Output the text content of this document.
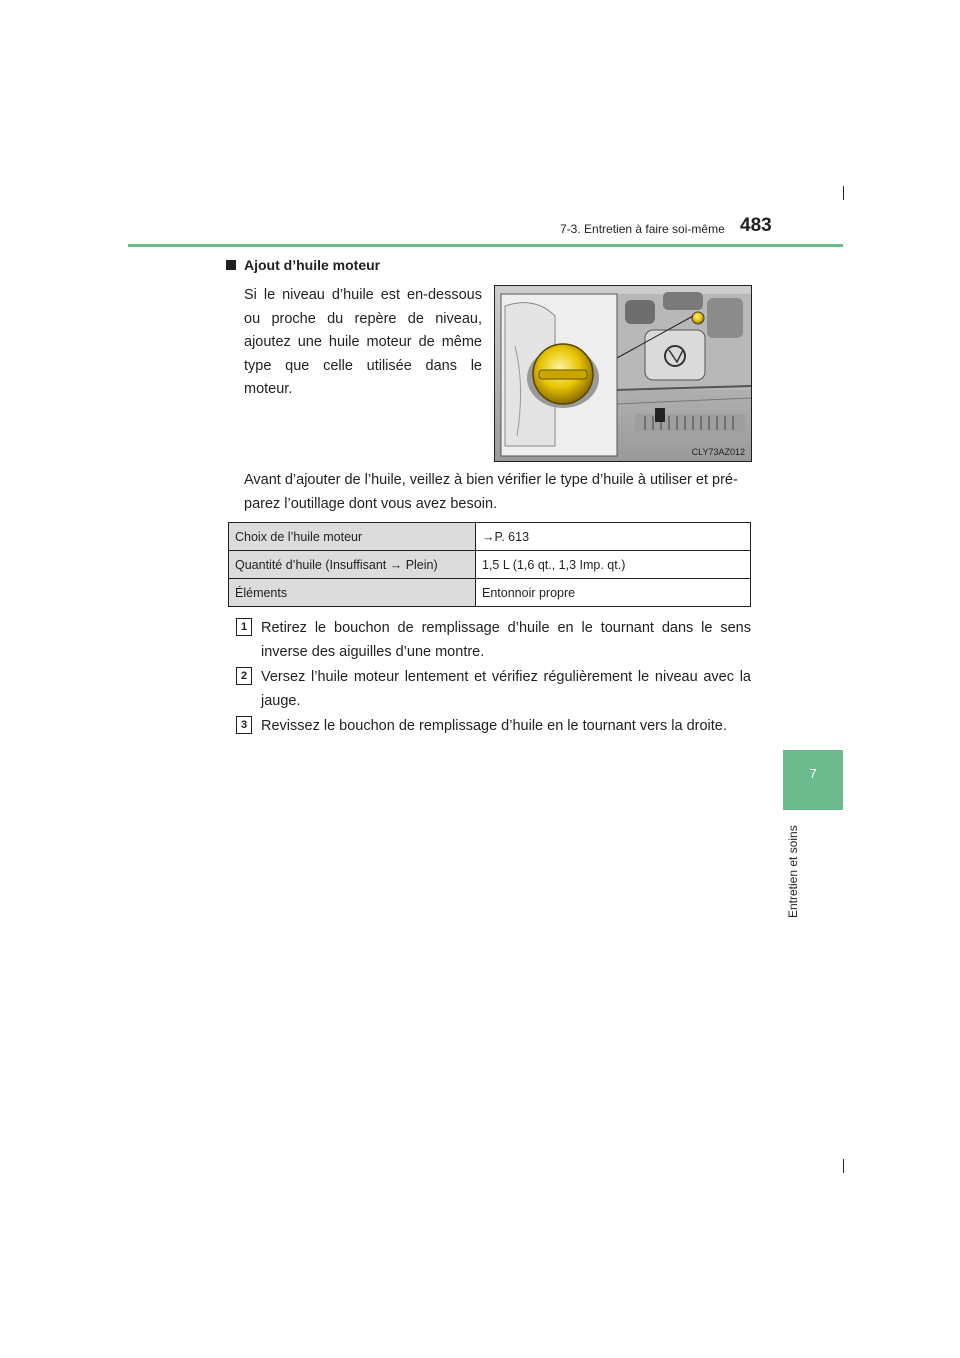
7-3. Entretien à faire soi-même 483
7
Entretien et soins
Ajout d’huile moteur
Si le niveau d’huile est en-dessous ou proche du repère de niveau, ajoutez une huile moteur de même type que celle utilisée dans le moteur.
CLY73AZ012
Avant d’ajouter de l’huile, veillez à bien vérifier le type d’huile à utiliser et pré-parez l’outillage dont vous avez besoin.
Choix de l’huile moteur	→P. 613
Quantité d’huile (Insuffisant → Plein)	1,5 L (1,6 qt., 1,3 Imp. qt.)
Éléments	Entonnoir propre
1 Retirez le bouchon de remplissage d’huile en le tournant dans le sens inverse des aiguilles d’une montre.
2 Versez l’huile moteur lentement et vérifiez régulièrement le niveau avec la jauge.
3 Revissez le bouchon de remplissage d’huile en le tournant vers la droite.
